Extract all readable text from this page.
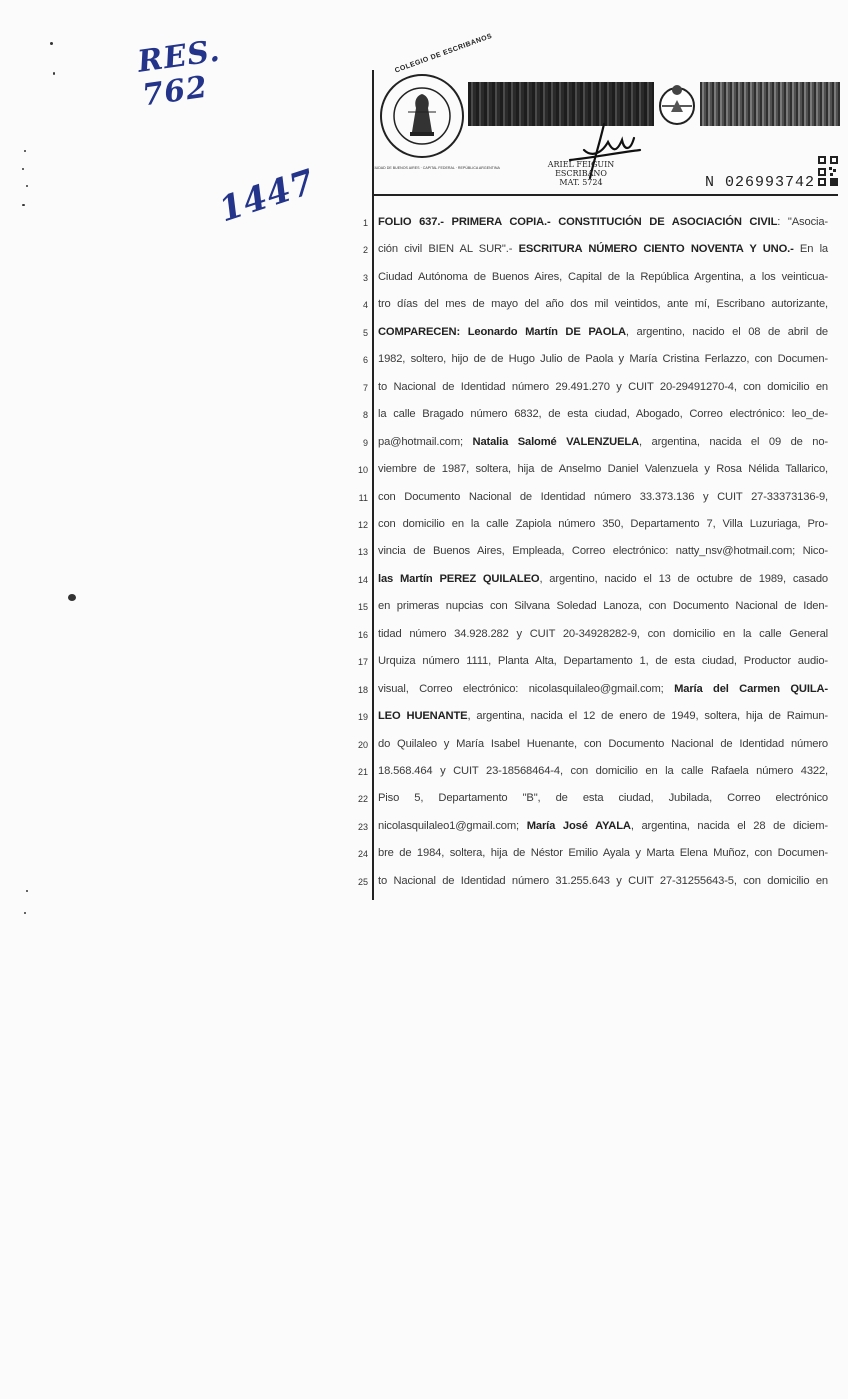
RES.
762
1447
COLEGIO DE ESCRIBANOS
CIUDAD DE BUENOS AIRES · CAPITAL FEDERAL · REPÚBLICA ARGENTINA	ARIEL FEIGUIN
ESCRIBANO
MAT. 5724	N 026993742
1 FOLIO 637.- PRIMERA COPIA.- CONSTITUCIÓN DE ASOCIACIÓN CIVIL: "Asocia-
2 ción civil BIEN AL SUR".- ESCRITURA NÚMERO CIENTO NOVENTA Y UNO.- En la
3 Ciudad Autónoma de Buenos Aires, Capital de la República Argentina, a los veinticua-
4 tro días del mes de mayo del año dos mil veintidos, ante mí, Escribano autorizante,
5 COMPARECEN: Leonardo Martín DE PAOLA, argentino, nacido el 08 de abril de
6 1982, soltero, hijo de de Hugo Julio de Paola y María Cristina Ferlazzo, con Documen-
7 to Nacional de Identidad número 29.491.270 y CUIT 20-29491270-4, con domicilio en
8 la calle Bragado número 6832, de esta ciudad, Abogado, Correo electrónico: leo_de-
9 pa@hotmail.com; Natalia Salomé VALENZUELA, argentina, nacida el 09 de no-
10 viembre de 1987, soltera, hija de Anselmo Daniel Valenzuela y Rosa Nélida Tallarico,
11 con Documento Nacional de Identidad número 33.373.136 y CUIT 27-33373136-9,
12 con domicilio en la calle Zapiola número 350, Departamento 7, Villa Luzuriaga, Pro-
13 vincia de Buenos Aires, Empleada, Correo electrónico: natty_nsv@hotmail.com; Nico-
14 las Martín PEREZ QUILALEO, argentino, nacido el 13 de octubre de 1989, casado
15 en primeras nupcias con Silvana Soledad Lanoza, con Documento Nacional de Iden-
16 tidad número 34.928.282 y CUIT 20-34928282-9, con domicilio en la calle General
17 Urquiza número 1111, Planta Alta, Departamento 1, de esta ciudad, Productor audio-
18 visual, Correo electrónico: nicolasquilaleo@gmail.com; María del Carmen QUILA-
19 LEO HUENANTE, argentina, nacida el 12 de enero de 1949, soltera, hija de Raimun-
20 do Quilaleo y María Isabel Huenante, con Documento Nacional de Identidad número
21 18.568.464 y CUIT 23-18568464-4, con domicilio en la calle Rafaela número 4322,
22 Piso 5, Departamento "B", de esta ciudad, Jubilada, Correo electrónico
23 nicolasquilaleo1@gmail.com; María José AYALA, argentina, nacida el 28 de diciem-
24 bre de 1984, soltera, hija de Néstor Emilio Ayala y Marta Elena Muñoz, con Documen-
25 to Nacional de Identidad número 31.255.643 y CUIT 27-31255643-5, con domicilio en
